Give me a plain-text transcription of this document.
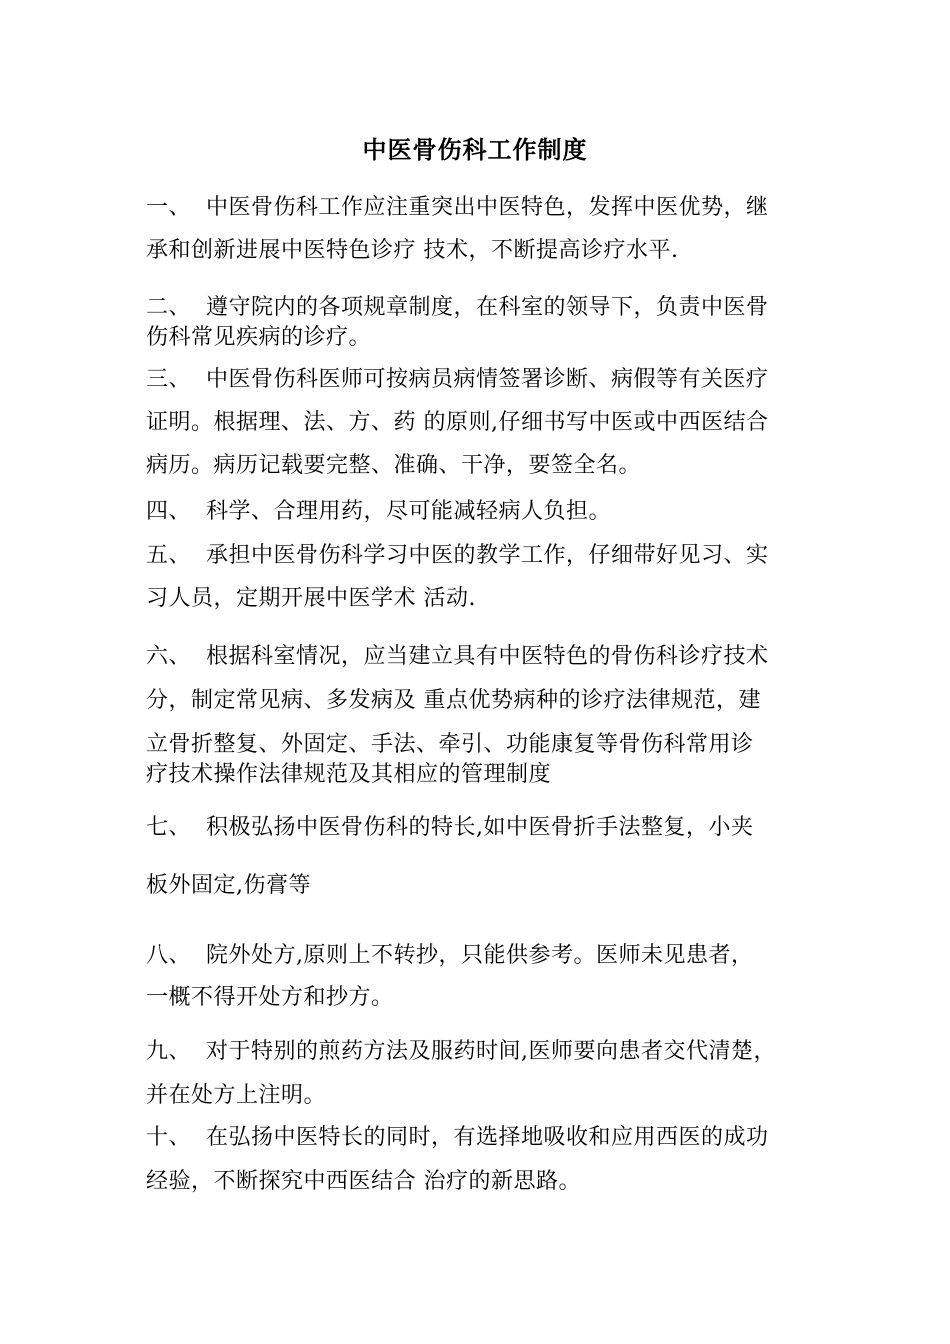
中医骨伤科工作制度
一、 中医骨伤科工作应注重突出中医特色，发挥中医优势，继
承和创新进展中医特色诊疗 技术，不断提高诊疗水平.
二、 遵守院内的各项规章制度，在科室的领导下，负责中医骨
伤科常见疾病的诊疗。
三、 中医骨伤科医师可按病员病情签署诊断、病假等有关医疗
证明。根据理、法、方、药 的原则,仔细书写中医或中西医结合
病历。病历记载要完整、准确、干净，要签全名。
四、 科学、合理用药，尽可能减轻病人负担。
五、 承担中医骨伤科学习中医的教学工作，仔细带好见习、实
习人员，定期开展中医学术 活动.
六、 根据科室情况，应当建立具有中医特色的骨伤科诊疗技术
分，制定常见病、多发病及 重点优势病种的诊疗法律规范，建
立骨折整复、外固定、手法、牵引、功能康复等骨伤科常用诊
疗技术操作法律规范及其相应的管理制度
七、 积极弘扬中医骨伤科的特长,如中医骨折手法整复，小夹
板外固定,伤膏等
八、 院外处方,原则上不转抄，只能供参考。医师未见患者，
一概不得开处方和抄方。
九、 对于特别的煎药方法及服药时间,医师要向患者交代清楚，
并在处方上注明。
十、 在弘扬中医特长的同时，有选择地吸收和应用西医的成功
经验，不断探究中西医结合 治疗的新思路。
